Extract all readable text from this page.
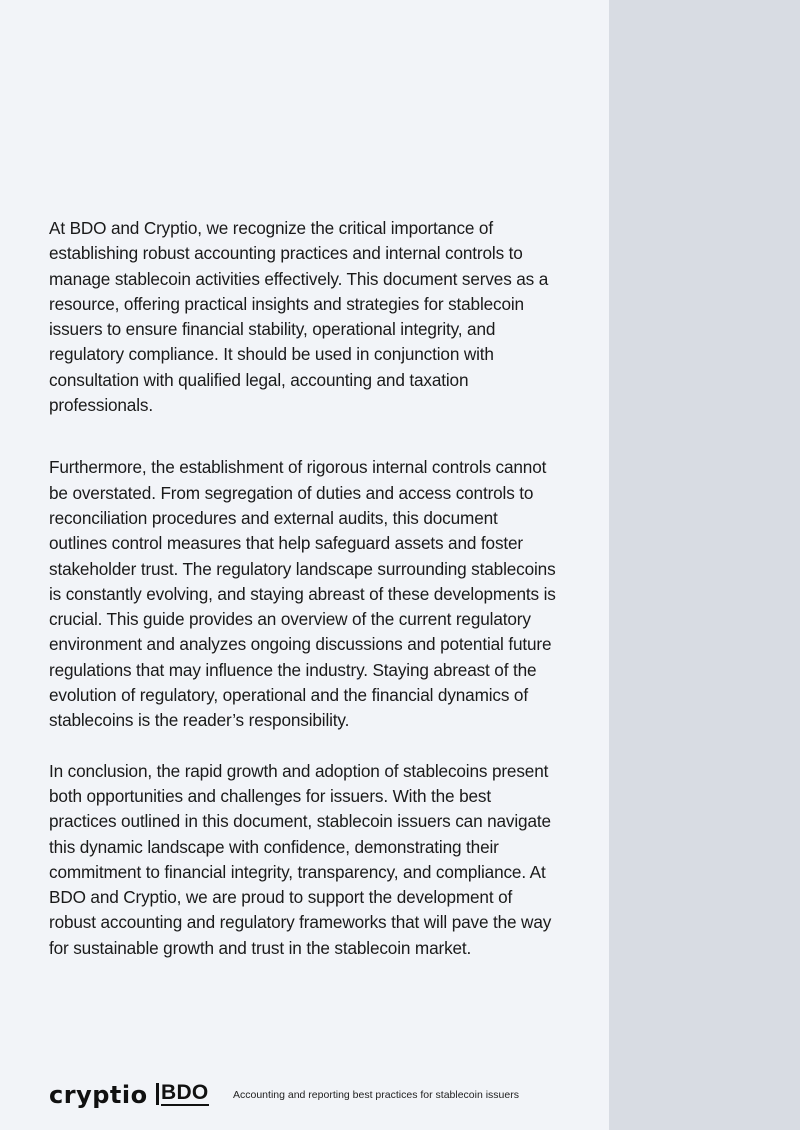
At BDO and Cryptio, we recognize the critical importance of establishing robust accounting practices and internal controls to manage stablecoin activities effectively. This document serves as a resource, offering practical insights and strategies for stablecoin issuers to ensure financial stability, operational integrity, and regulatory compliance. It should be used in conjunction with consultation with qualified legal, accounting and taxation professionals.

Furthermore, the establishment of rigorous internal controls cannot be overstated. From segregation of duties and access controls to reconciliation procedures and external audits, this document outlines control measures that help safeguard assets and foster stakeholder trust. The regulatory landscape surrounding stablecoins is constantly evolving, and staying abreast of these developments is crucial. This guide provides an overview of the current regulatory environment and analyzes ongoing discussions and potential future regulations that may influence the industry. Staying abreast of the evolution of regulatory, operational and the financial dynamics of stablecoins is the reader’s responsibility.

In conclusion, the rapid growth and adoption of stablecoins present both opportunities and challenges for issuers. With the best practices outlined in this document, stablecoin issuers can navigate this dynamic landscape with confidence, demonstrating their commitment to financial integrity, transparency, and compliance. At BDO and Cryptio, we are proud to support the development of robust accounting and regulatory frameworks that will pave the way for sustainable growth and trust in the stablecoin market.

cryptio BDO Accounting and reporting best practices for stablecoin issuers
